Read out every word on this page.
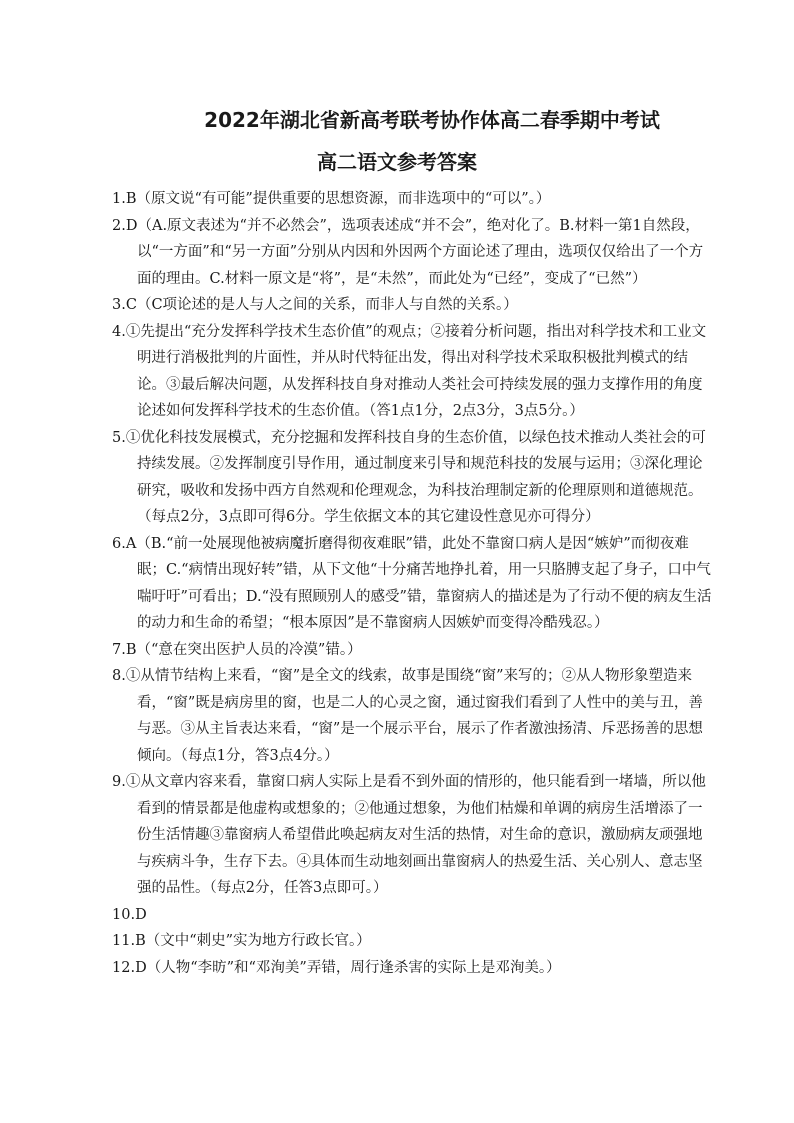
2022年湖北省新高考联考协作体高二春季期中考试
高二语文参考答案

1.B（原文说“有可能”提供重要的思想资源，而非选项中的“可以”。）

2.D（A.原文表述为“并不必然会”，选项表述成“并不会”，绝对化了。B.材料一第1自然段，以“一方面”和“另一方面”分别从内因和外因两个方面论述了理由，选项仅仅给出了一个方面的理由。C.材料一原文是“将”，是“未然”，而此处为“已经”，变成了“已然”）

3.C（C项论述的是人与人之间的关系，而非人与自然的关系。）

4.①先提出“充分发挥科学技术生态价值”的观点；②接着分析问题，指出对科学技术和工业文明进行消极批判的片面性，并从时代特征出发，得出对科学技术采取积极批判模式的结论。③最后解决问题，从发挥科技自身对推动人类社会可持续发展的强力支撑作用的角度论述如何发挥科学技术的生态价值。（答1点1分，2点3分，3点5分。）

5.①优化科技发展模式，充分挖掘和发挥科技自身的生态价值，以绿色技术推动人类社会的可持续发展。②发挥制度引导作用，通过制度来引导和规范科技的发展与运用；③深化理论研究，吸收和发扬中西方自然观和伦理观念，为科技治理制定新的伦理原则和道德规范。（每点2分，3点即可得6分。学生依据文本的其它建设性意见亦可得分）

6.A（B.“前一处展现他被病魔折磨得彻夜难眠”错，此处不靠窗口病人是因“嫉妒”而彻夜难眠；C.“病情出现好转”错，从下文他“十分痛苦地挣扎着，用一只胳膊支起了身子，口中气喘吁吁”可看出；D.“没有照顾别人的感受”错，靠窗病人的描述是为了行动不便的病友生活的动力和生命的希望；“根本原因”是不靠窗病人因嫉妒而变得冷酷残忍。）

7.B（“意在突出医护人员的冷漠”错。）

8.①从情节结构上来看，“窗”是全文的线索，故事是围绕“窗”来写的；②从人物形象塑造来看，“窗”既是病房里的窗，也是二人的心灵之窗，通过窗我们看到了人性中的美与丑，善与恶。③从主旨表达来看，“窗”是一个展示平台，展示了作者激浊扬清、斥恶扬善的思想倾向。（每点1分，答3点4分。）

9.①从文章内容来看，靠窗口病人实际上是看不到外面的情形的，他只能看到一堵墙，所以他看到的情景都是他虚构或想象的；②他通过想象，为他们枯燥和单调的病房生活增添了一份生活情趣③靠窗病人希望借此唤起病友对生活的热情，对生命的意识，激励病友顽强地与疾病斗争，生存下去。④具体而生动地刻画出靠窗病人的热爱生活、关心别人、意志坚强的品性。（每点2分，任答3点即可。）

10.D

11.B（文中“刺史”实为地方行政长官。）

12.D（人物“李昉”和“邓洵美”弄错，周行逢杀害的实际上是邓洵美。）
